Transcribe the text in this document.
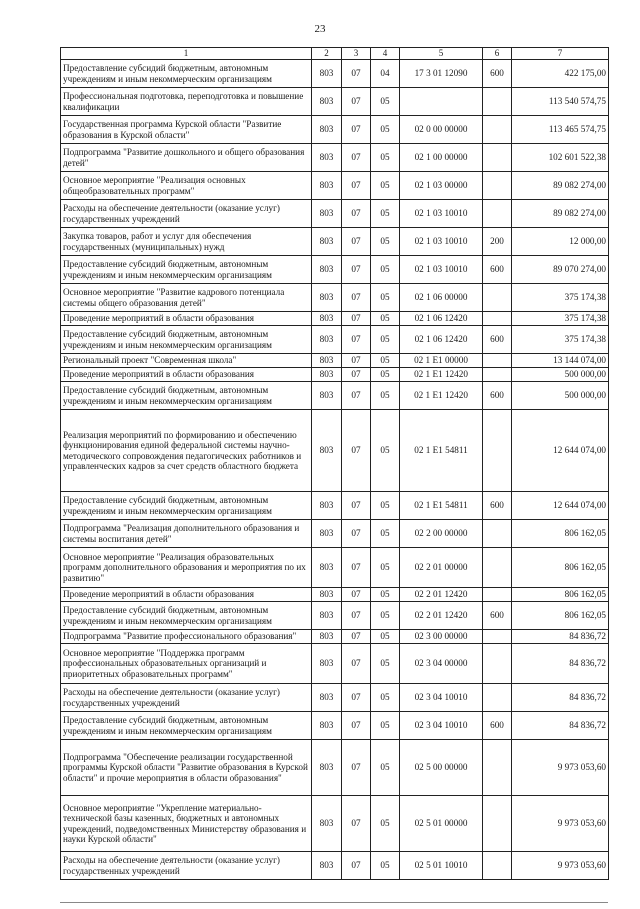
23
1	2	3	4	5	6	7
Предоставление субсидий бюджетным, автономным учреждениям и иным некоммерческим организациям	803	07	04	17 3 01 12090	600	422 175,00
Профессиональная подготовка, переподготовка и повышение квалификации	803	07	05			113 540 574,75
Государственная программа Курской области "Развитие образования в Курской области"	803	07	05	02 0 00 00000		113 465 574,75
Подпрограмма "Развитие дошкольного и общего образования детей"	803	07	05	02 1 00 00000		102 601 522,38
Основное мероприятие "Реализация основных общеобразовательных программ"	803	07	05	02 1 03 00000		89 082 274,00
Расходы на обеспечение деятельности (оказание услуг) государственных учреждений	803	07	05	02 1 03 10010		89 082 274,00
Закупка товаров, работ и услуг для обеспечения государственных (муниципальных) нужд	803	07	05	02 1 03 10010	200	12 000,00
Предоставление субсидий бюджетным, автономным учреждениям и иным некоммерческим организациям	803	07	05	02 1 03 10010	600	89 070 274,00
Основное мероприятие "Развитие кадрового потенциала системы общего образования детей"	803	07	05	02 1 06 00000		375 174,38
Проведение мероприятий в области образования	803	07	05	02 1 06 12420		375 174,38
Предоставление субсидий бюджетным, автономным учреждениям и иным некоммерческим организациям	803	07	05	02 1 06 12420	600	375 174,38
Региональный проект "Современная школа"	803	07	05	02 1 E1 00000		13 144 074,00
Проведение мероприятий в области образования	803	07	05	02 1 E1 12420		500 000,00
Предоставление субсидий бюджетным, автономным учреждениям и иным некоммерческим организациям	803	07	05	02 1 E1 12420	600	500 000,00
Реализация мероприятий по формированию и обеспечению функционирования единой федеральной системы научно-методического сопровождения педагогических работников и управленческих кадров за счет средств областного бюджета	803	07	05	02 1 E1 54811		12 644 074,00
Предоставление субсидий бюджетным, автономным учреждениям и иным некоммерческим организациям	803	07	05	02 1 E1 54811	600	12 644 074,00
Подпрограмма "Реализация дополнительного образования и системы воспитания детей"	803	07	05	02 2 00 00000		806 162,05
Основное мероприятие "Реализация образовательных программ дополнительного образования и мероприятия по их развитию"	803	07	05	02 2 01 00000		806 162,05
Проведение мероприятий в области образования	803	07	05	02 2 01 12420		806 162,05
Предоставление субсидий бюджетным, автономным учреждениям и иным некоммерческим организациям	803	07	05	02 2 01 12420	600	806 162,05
Подпрограмма "Развитие профессионального образования"	803	07	05	02 3 00 00000		84 836,72
Основное мероприятие "Поддержка программ профессиональных образовательных организаций и приоритетных образовательных программ"	803	07	05	02 3 04 00000		84 836,72
Расходы на обеспечение деятельности (оказание услуг) государственных учреждений	803	07	05	02 3 04 10010		84 836,72
Предоставление субсидий бюджетным, автономным учреждениям и иным некоммерческим организациям	803	07	05	02 3 04 10010	600	84 836,72
Подпрограмма "Обеспечение реализации государственной программы Курской области "Развитие образования в Курской области" и прочие мероприятия в области образования"	803	07	05	02 5 00 00000		9 973 053,60
Основное мероприятие "Укрепление материально-технической базы казенных, бюджетных и автономных учреждений, подведомственных Министерству образования и науки Курской области"	803	07	05	02 5 01 00000		9 973 053,60
Расходы на обеспечение деятельности (оказание услуг) государственных учреждений	803	07	05	02 5 01 10010		9 973 053,60
